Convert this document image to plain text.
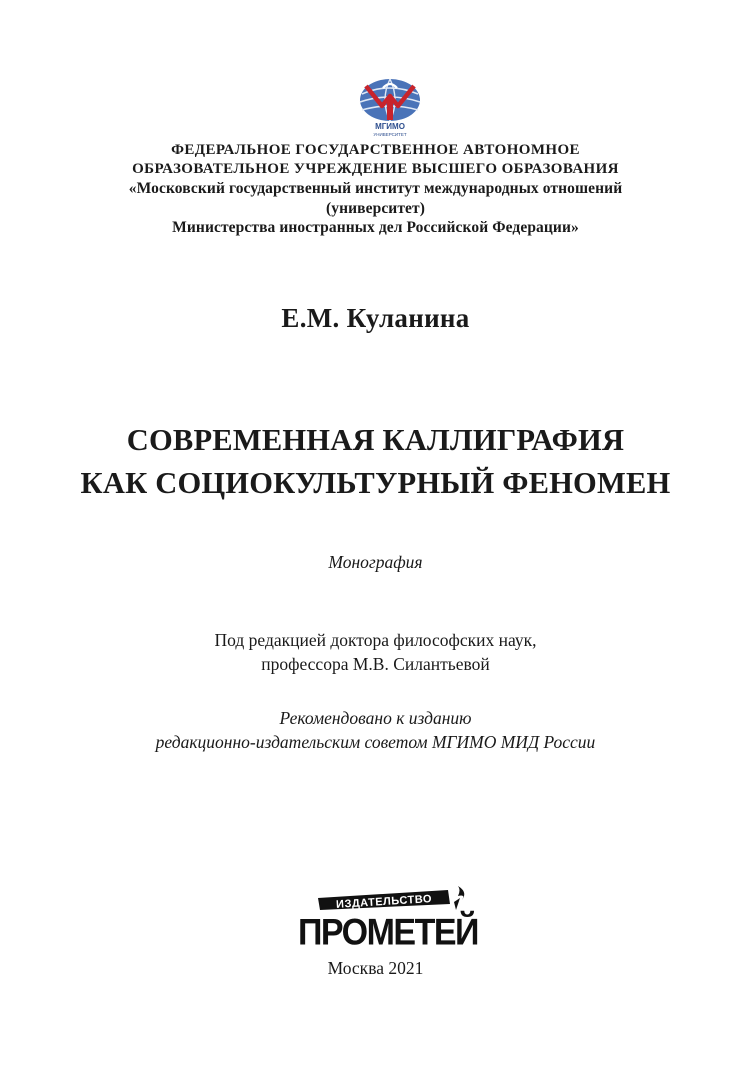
МГИМО
УНИВЕРСИТЕТ
ФЕДЕРАЛЬНОЕ ГОСУДАРСТВЕННОЕ АВТОНОМНОЕ
ОБРАЗОВАТЕЛЬНОЕ УЧРЕЖДЕНИЕ ВЫСШЕГО ОБРАЗОВАНИЯ
«Московский государственный институт международных отношений
(университет)
Министерства иностранных дел Российской Федерации»
Е.М. Куланина
СОВРЕМЕННАЯ КАЛЛИГРАФИЯ
КАК СОЦИОКУЛЬТУРНЫЙ ФЕНОМЕН
Монография
Под редакцией доктора философских наук,
профессора М.В. Силантьевой
Рекомендовано к изданию
редакционно-издательским советом МГИМО МИД России
ИЗДАТЕЛЬСТВО
ПРОМЕТЕЙ
Москва 2021
